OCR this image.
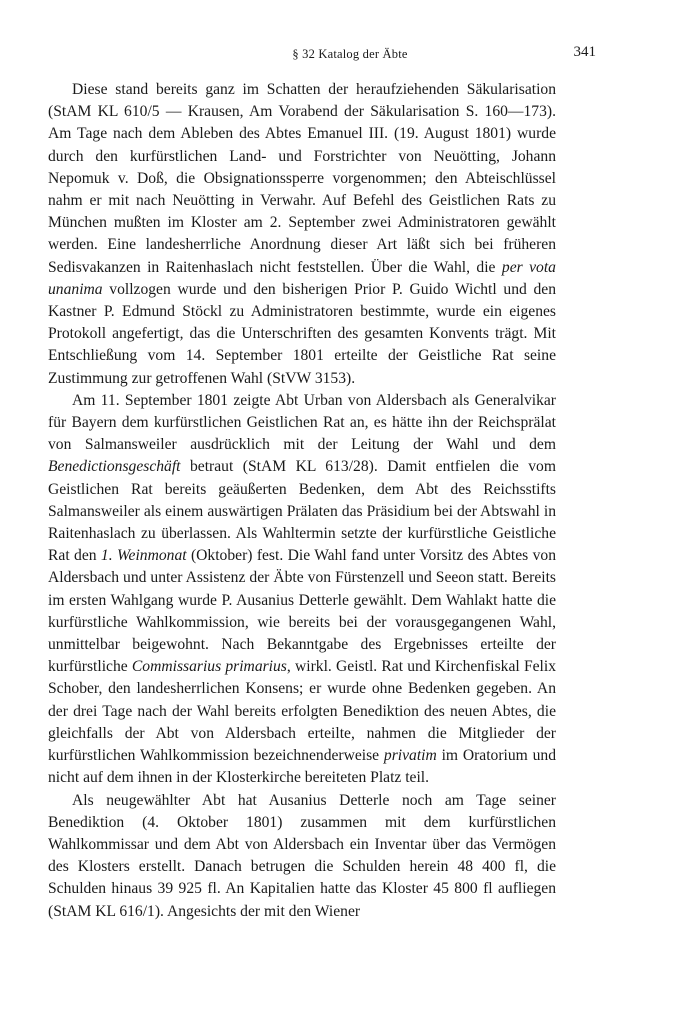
§ 32 Katalog der Äbte	341

Diese stand bereits ganz im Schatten der heraufziehenden Säkularisation (StAM KL 610/5 — Krausen, Am Vorabend der Säkularisation S. 160—173). Am Tage nach dem Ableben des Abtes Emanuel III. (19. August 1801) wurde durch den kurfürstlichen Land- und Forstrichter von Neuötting, Johann Nepomuk v. Doß, die Obsignationssperre vorgenommen; den Abteischlüssel nahm er mit nach Neuötting in Verwahr. Auf Befehl des Geistlichen Rats zu München mußten im Kloster am 2. September zwei Administratoren gewählt werden. Eine landesherrliche Anordnung dieser Art läßt sich bei früheren Sedisvakanzen in Raitenhaslach nicht feststellen. Über die Wahl, die per vota unanima vollzogen wurde und den bisherigen Prior P. Guido Wichtl und den Kastner P. Edmund Stöckl zu Administratoren bestimmte, wurde ein eigenes Protokoll angefertigt, das die Unterschriften des gesamten Konvents trägt. Mit Entschließung vom 14. September 1801 erteilte der Geistliche Rat seine Zustimmung zur getroffenen Wahl (StVW 3153).

Am 11. September 1801 zeigte Abt Urban von Aldersbach als Generalvikar für Bayern dem kurfürstlichen Geistlichen Rat an, es hätte ihn der Reichsprälat von Salmansweiler ausdrücklich mit der Leitung der Wahl und dem Benedictionsgeschäft betraut (StAM KL 613/28). Damit entfielen die vom Geistlichen Rat bereits geäußerten Bedenken, dem Abt des Reichsstifts Salmansweiler als einem auswärtigen Prälaten das Präsidium bei der Abtswahl in Raitenhaslach zu überlassen. Als Wahltermin setzte der kurfürstliche Geistliche Rat den 1. Weinmonat (Oktober) fest. Die Wahl fand unter Vorsitz des Abtes von Aldersbach und unter Assistenz der Äbte von Fürstenzell und Seeon statt. Bereits im ersten Wahlgang wurde P. Ausanius Detterle gewählt. Dem Wahlakt hatte die kurfürstliche Wahlkommission, wie bereits bei der vorausgegangenen Wahl, unmittelbar beigewohnt. Nach Bekanntgabe des Ergebnisses erteilte der kurfürstliche Commissarius primarius, wirkl. Geistl. Rat und Kirchenfiskal Felix Schober, den landesherrlichen Konsens; er wurde ohne Bedenken gegeben. An der drei Tage nach der Wahl bereits erfolgten Benediktion des neuen Abtes, die gleichfalls der Abt von Aldersbach erteilte, nahmen die Mitglieder der kurfürstlichen Wahlkommission bezeichnenderweise privatim im Oratorium und nicht auf dem ihnen in der Klosterkirche bereiteten Platz teil.

Als neugewählter Abt hat Ausanius Detterle noch am Tage seiner Benediktion (4. Oktober 1801) zusammen mit dem kurfürstlichen Wahlkommissar und dem Abt von Aldersbach ein Inventar über das Vermögen des Klosters erstellt. Danach betrugen die Schulden herein 48 400 fl, die Schulden hinaus 39 925 fl. An Kapitalien hatte das Kloster 45 800 fl aufliegen (StAM KL 616/1). Angesichts der mit den Wiener
